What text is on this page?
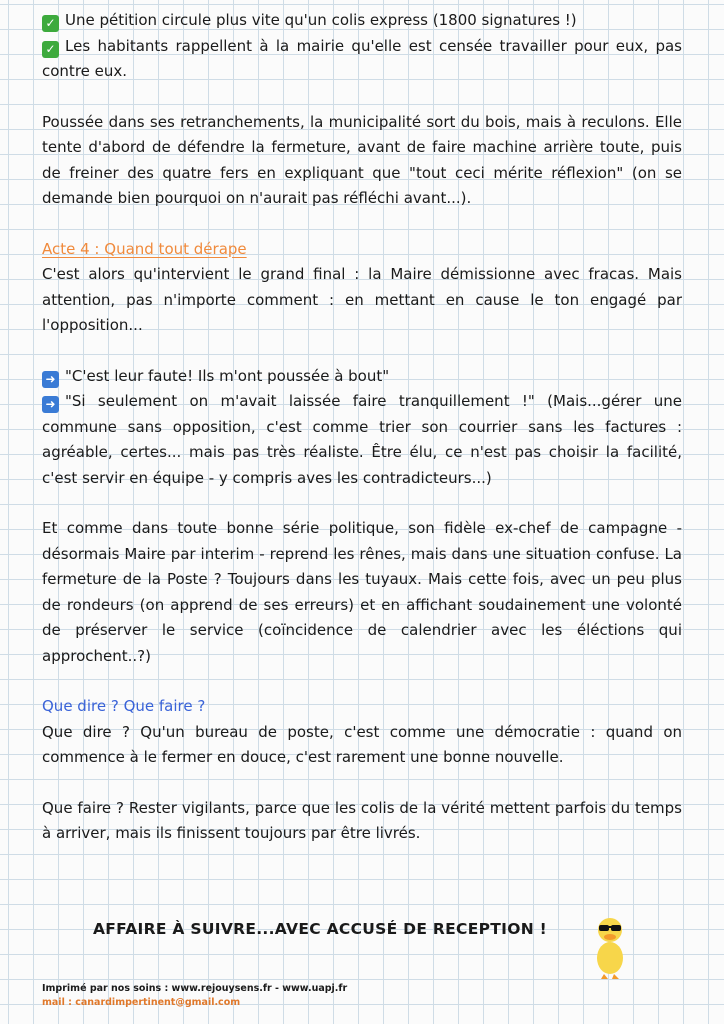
✓ Une pétition circule plus vite qu'un colis express (1800 signatures !)

✓ Les habitants rappellent à la mairie qu'elle est censée travailler pour eux, pas contre eux.

Poussée dans ses retranchements, la municipalité sort du bois, mais à reculons. Elle tente d'abord de défendre la fermeture, avant de faire machine arrière toute, puis de freiner des quatre fers en expliquant que "tout ceci mérite réflexion" (on se demande bien pourquoi on n'aurait pas réfléchi avant...).

Acte 4 : Quand tout dérape

C'est alors qu'intervient le grand final : la Maire démissionne avec fracas. Mais attention, pas n'importe comment : en mettant en cause le ton engagé par l'opposition...

➜ "C'est leur faute! Ils m'ont poussée à bout"

➜ "Si seulement on m'avait laissée faire tranquillement !" (Mais...gérer une commune sans opposition, c'est comme trier son courrier sans les factures : agréable, certes... mais pas très réaliste. Être élu, ce n'est pas choisir la facilité, c'est servir en équipe - y compris aves les contradicteurs...)

Et comme dans toute bonne série politique, son fidèle ex-chef de campagne - désormais Maire par interim - reprend les rênes, mais dans une situation confuse. La fermeture de la Poste ? Toujours dans les tuyaux. Mais cette fois, avec un peu plus de rondeurs (on apprend de ses erreurs) et en affichant soudainement une volonté de préserver le service (coïncidence de calendrier avec les éléctions qui approchent..?)

Que dire ? Que faire ?

Que dire ? Qu'un bureau de poste, c'est comme une démocratie : quand on commence à le fermer en douce, c'est rarement une bonne nouvelle.

Que faire ? Rester vigilants, parce que les colis de la vérité mettent parfois du temps à arriver, mais ils finissent toujours par être livrés.

AFFAIRE À SUIVRE...AVEC ACCUSÉ DE RECEPTION !
Imprimé par nos soins : www.rejouysens.fr - www.uapj.fr
mail : canardimpertinent@gmail.com
